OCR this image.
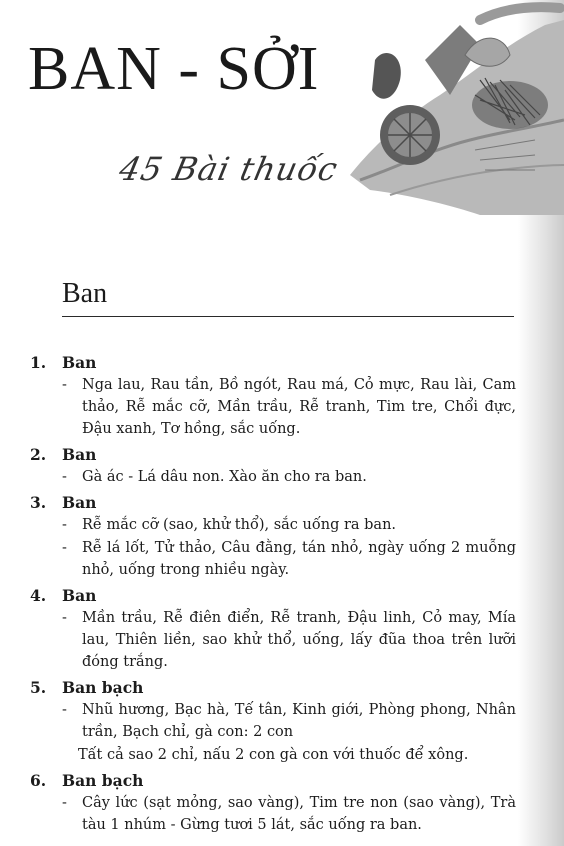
BAN - SỞI
45 Bài thuốc
Ban
1.	Ban
- Nga lau, Rau tần, Bồ ngót, Rau má, Cỏ mực, Rau lài, Cam thảo, Rễ mắc cỡ, Mần trầu, Rễ tranh, Tim tre, Chổi đực, Đậu xanh, Tơ hồng, sắc uống.
2.	Ban
- Gà ác - Lá dâu non. Xào ăn cho ra ban.
3.	Ban
- Rễ mắc cỡ (sao, khử thổ), sắc uống ra ban.
- Rễ lá lốt, Tử thảo, Câu đằng, tán nhỏ, ngày uống 2 muỗng nhỏ, uống trong nhiều ngày.
4.	Ban
- Mần trầu, Rễ điên điển, Rễ tranh, Đậu linh, Cỏ may, Mía lau, Thiên liền, sao khử thổ, uống, lấy đũa thoa trên lưỡi đóng trắng.
5.	Ban bạch
- Nhũ hương, Bạc hà, Tế tân, Kinh giới, Phòng phong, Nhân trần, Bạch chỉ, gà con: 2 con
Tất cả sao 2 chỉ, nấu 2 con gà con với thuốc để xông.
6.	Ban bạch
- Cây lức (sạt mỏng, sao vàng), Tim tre non (sao vàng), Trà tàu 1 nhúm - Gừng tươi 5 lát, sắc uống ra ban.
